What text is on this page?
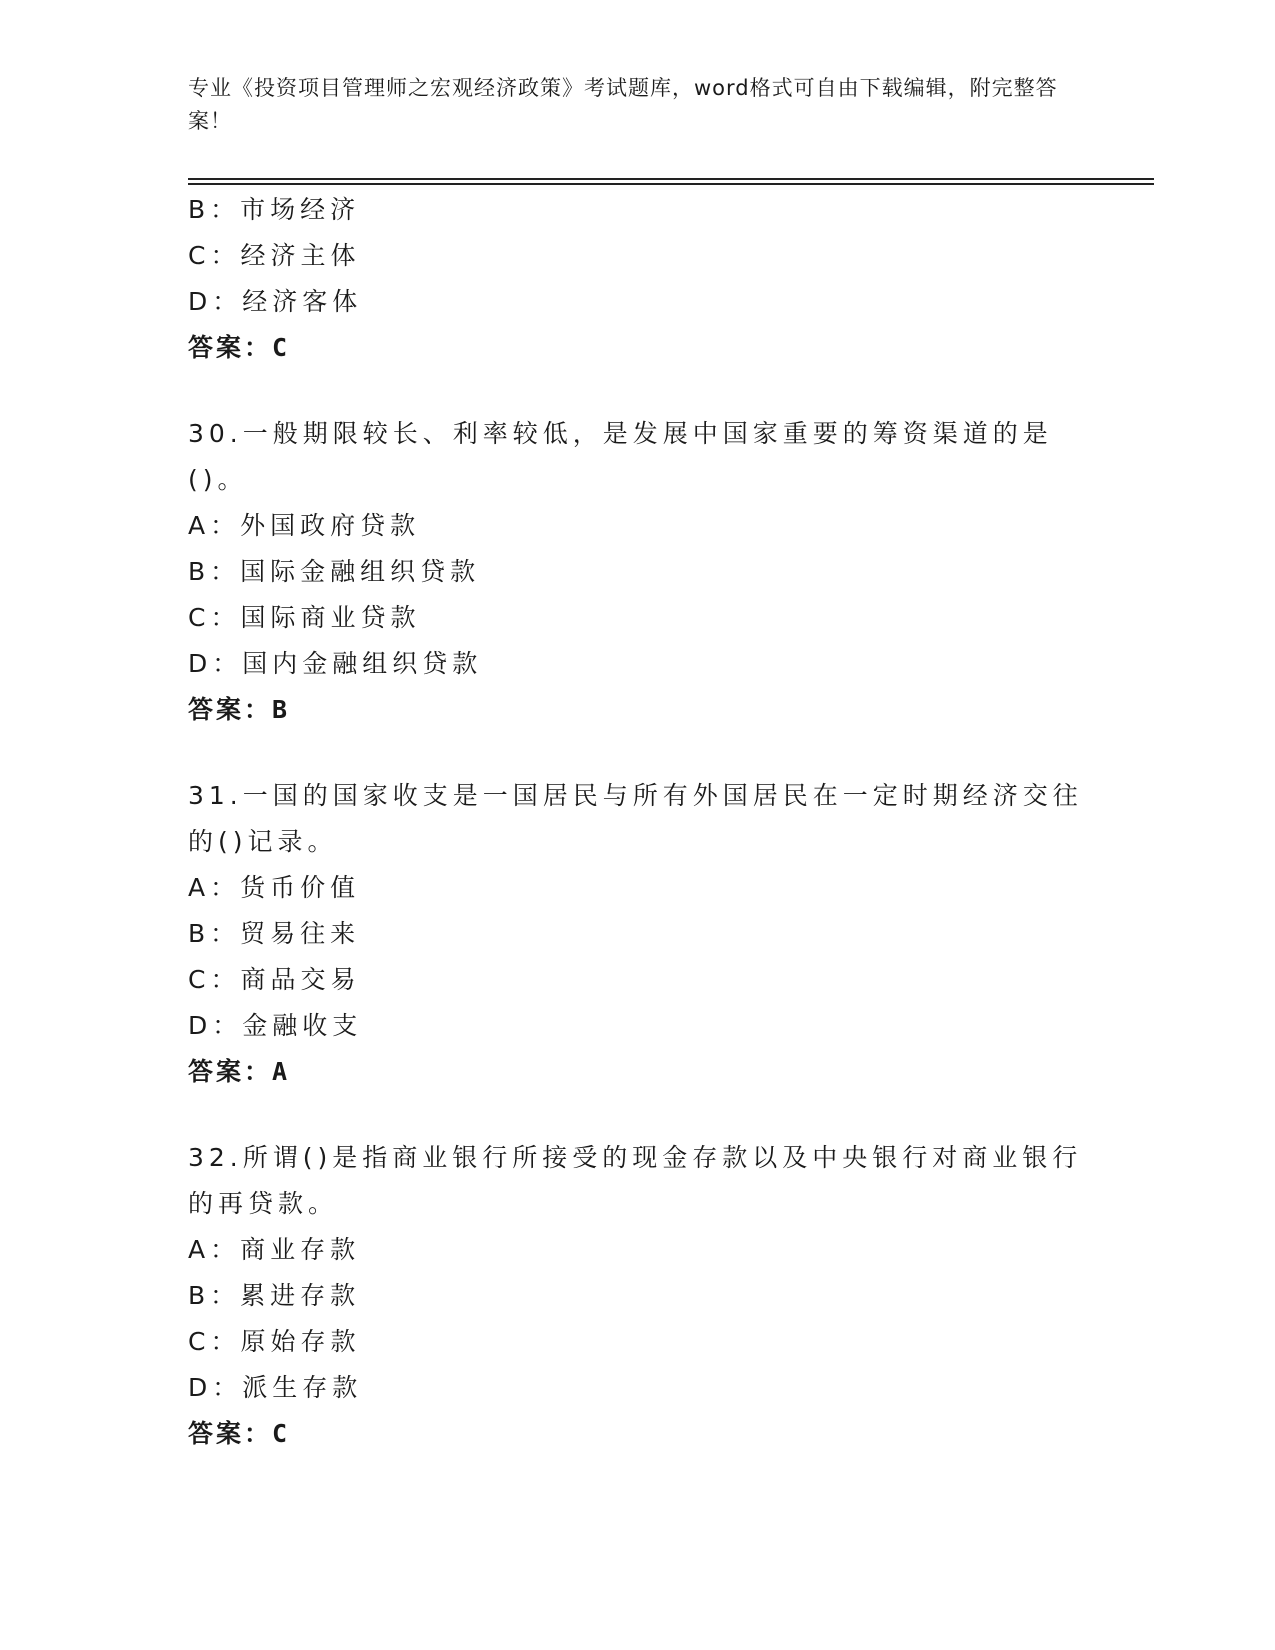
专业《投资项目管理师之宏观经济政策》考试题库，word格式可自由下载编辑，附完整答案！
B：市场经济
C：经济主体
D：经济客体
答案：C
30.一般期限较长、利率较低，是发展中国家重要的筹资渠道的是()。
A：外国政府贷款
B：国际金融组织贷款
C：国际商业贷款
D：国内金融组织贷款
答案：B
31.一国的国家收支是一国居民与所有外国居民在一定时期经济交往的()记录。
A：货币价值
B：贸易往来
C：商品交易
D：金融收支
答案：A
32.所谓()是指商业银行所接受的现金存款以及中央银行对商业银行的再贷款。
A：商业存款
B：累进存款
C：原始存款
D：派生存款
答案：C
